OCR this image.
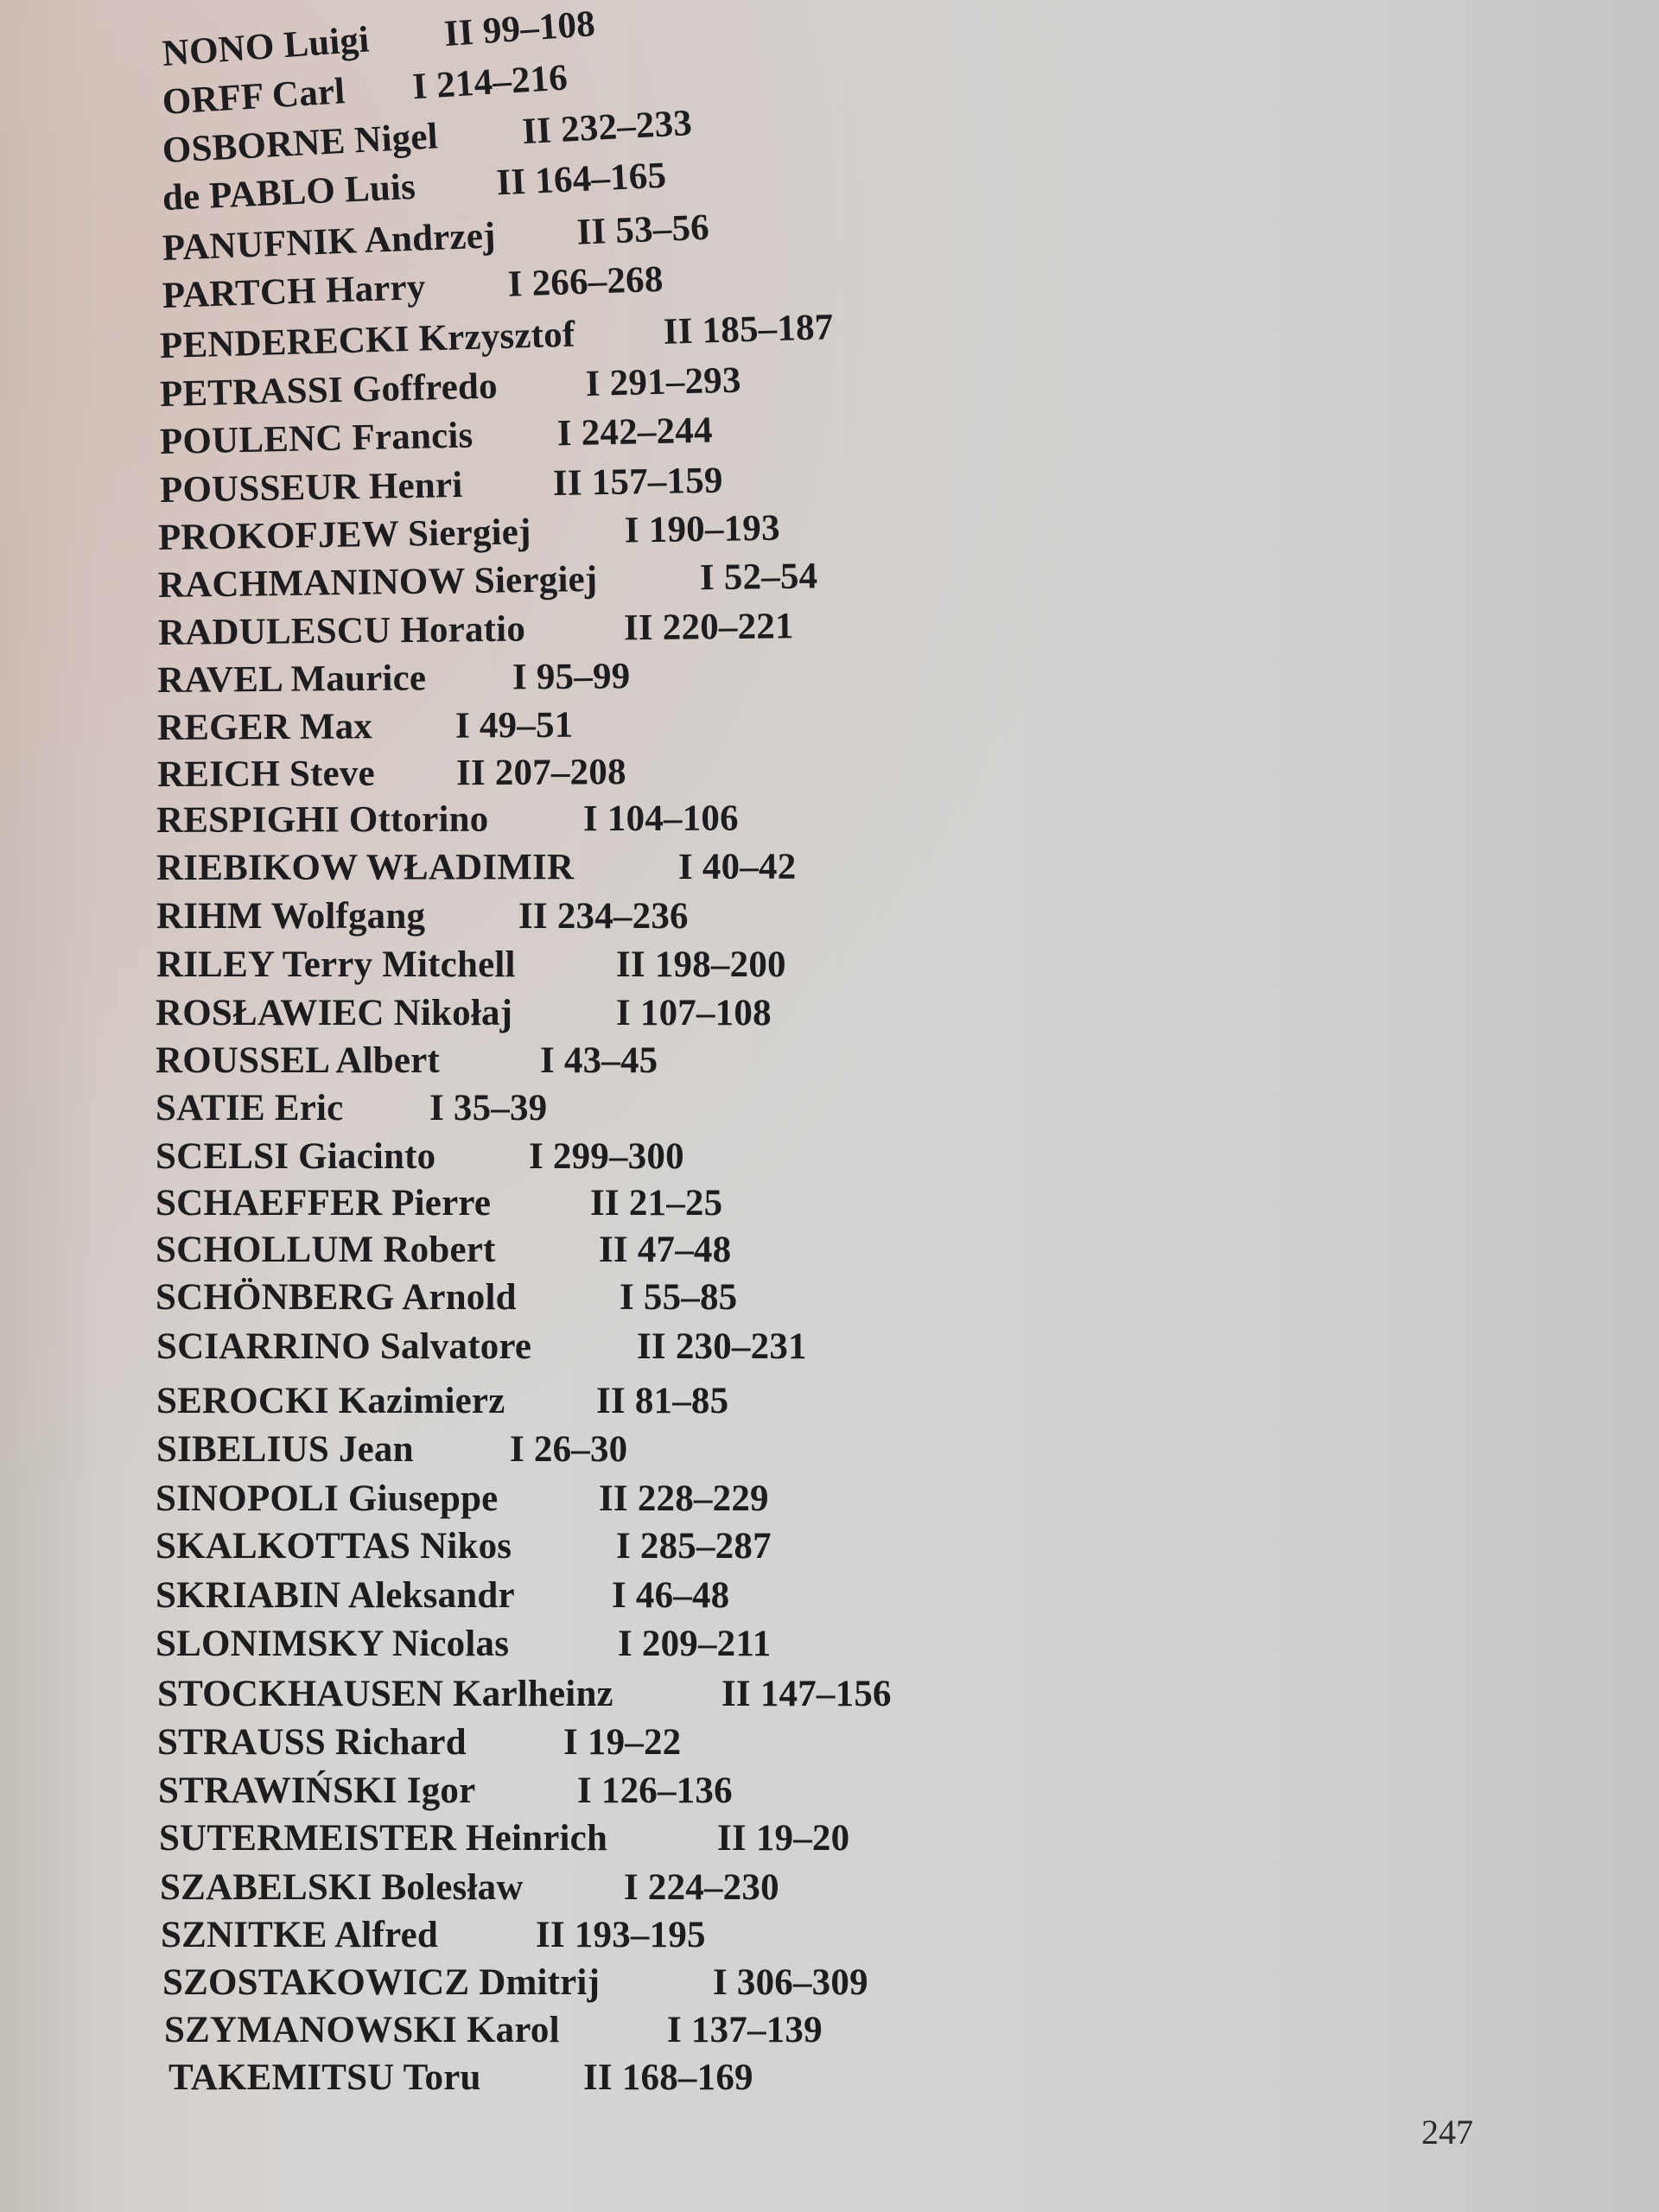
NONO Luigi II 99–108
ORFF Carl I 214–216
OSBORNE Nigel II 232–233
de PABLO Luis II 164–165
PANUFNIK Andrzej II 53–56
PARTCH Harry I 266–268
PENDERECKI Krzysztof II 185–187
PETRASSI Goffredo I 291–293
POULENC Francis I 242–244
POUSSEUR Henri II 157–159
PROKOFJEW Siergiej	I 190–193
RACHMANINOW Siergiej	I 52–54
RADULESCU Horatio	II 220–221
RAVEL Maurice I 95–99
REGER Max I 49–51
REICH Steve II 207–208
RESPIGHI Ottorino	I 104–106
RIEBIKOW WŁADIMIR	I 40–42
RIHM Wolfgang	II 234–236
RILEY Terry Mitchell	II 198–200
ROSŁAWIEC Nikołaj	I 107–108
ROUSSEL Albert	I 43–45
SATIE Eric I 35–39
SCELSI Giacinto	I 299–300
SCHAEFFER Pierre	II 21–25
SCHOLLUM Robert	II 47–48
SCHÖNBERG Arnold	I 55–85
SCIARRINO Salvatore	II 230–231
SEROCKI Kazimierz II 81–85
SIBELIUS Jean	I 26–30
SINOPOLI Giuseppe	II 228–229
SKALKOTTAS Nikos	I 285–287
SKRIABIN Aleksandr	I 46–48
SLONIMSKY Nicolas	I 209–211
STOCKHAUSEN Karlheinz	II 147–156
STRAUSS Richard	I 19–22
STRAWIŃSKI Igor	I 126–136
SUTERMEISTER Heinrich	II 19–20
SZABELSKI Bolesław	I 224–230
SZNITKE Alfred	II 193–195
SZOSTAKOWICZ Dmitrij	I 306–309
SZYMANOWSKI Karol	I 137–139
TAKEMITSU Toru	II 168–169
247
